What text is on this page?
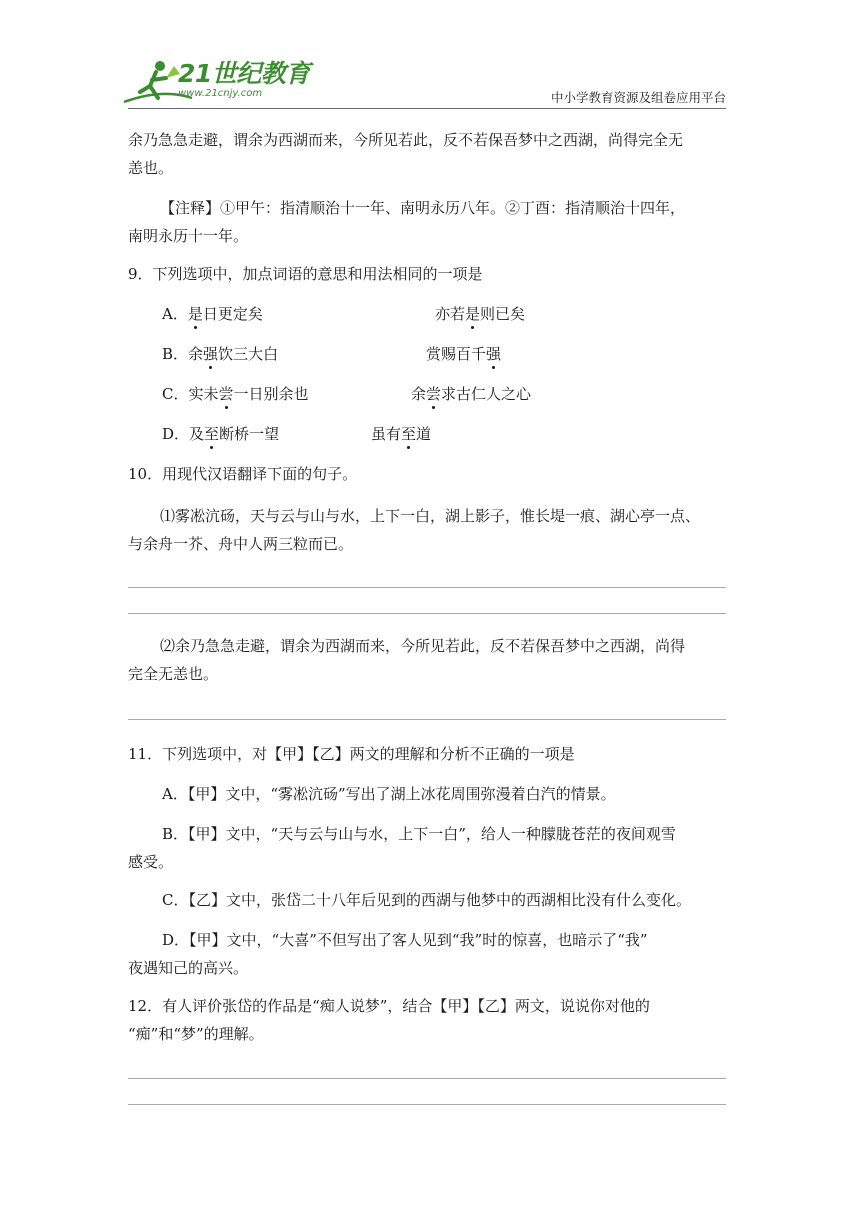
21世纪教育
www.21cnjy.com	中小学教育资源及组卷应用平台
余乃急急走避，谓余为西湖而来，今所见若此，反不若保吾梦中之西湖，尚得完全无
恙也。
【注释】①甲午：指清顺治十一年、南明永历八年。②丁酉：指清顺治十四年，
南明永历十一年。
9．下列选项中，加点词语的意思和用法相同的一项是
A．是日更定矣	亦若是则已矣
B．余强饮三大白	赏赐百千强
C．实未尝一日别余也	余尝求古仁人之心
D．及至断桥一望	虽有至道
10．用现代汉语翻译下面的句子。
⑴雾凇沆砀，天与云与山与水，上下一白，湖上影子，惟长堤一痕、湖心亭一点、
与余舟一芥、舟中人两三粒而已。
⑵余乃急急走避，谓余为西湖而来，今所见若此，反不若保吾梦中之西湖，尚得
完全无恙也。
11．下列选项中，对【甲】【乙】两文的理解和分析不正确的一项是
A．【甲】文中，“雾凇沆砀”写出了湖上冰花周围弥漫着白汽的情景。
B．【甲】文中，“天与云与山与水，上下一白”，给人一种朦胧苍茫的夜间观雪
感受。
C．【乙】文中，张岱二十八年后见到的西湖与他梦中的西湖相比没有什么变化。
D．【甲】文中，“大喜”不但写出了客人见到“我”时的惊喜，也暗示了“我”
夜遇知己的高兴。
12．有人评价张岱的作品是“痴人说梦”，结合【甲】【乙】两文，说说你对他的
“痴”和“梦”的理解。
